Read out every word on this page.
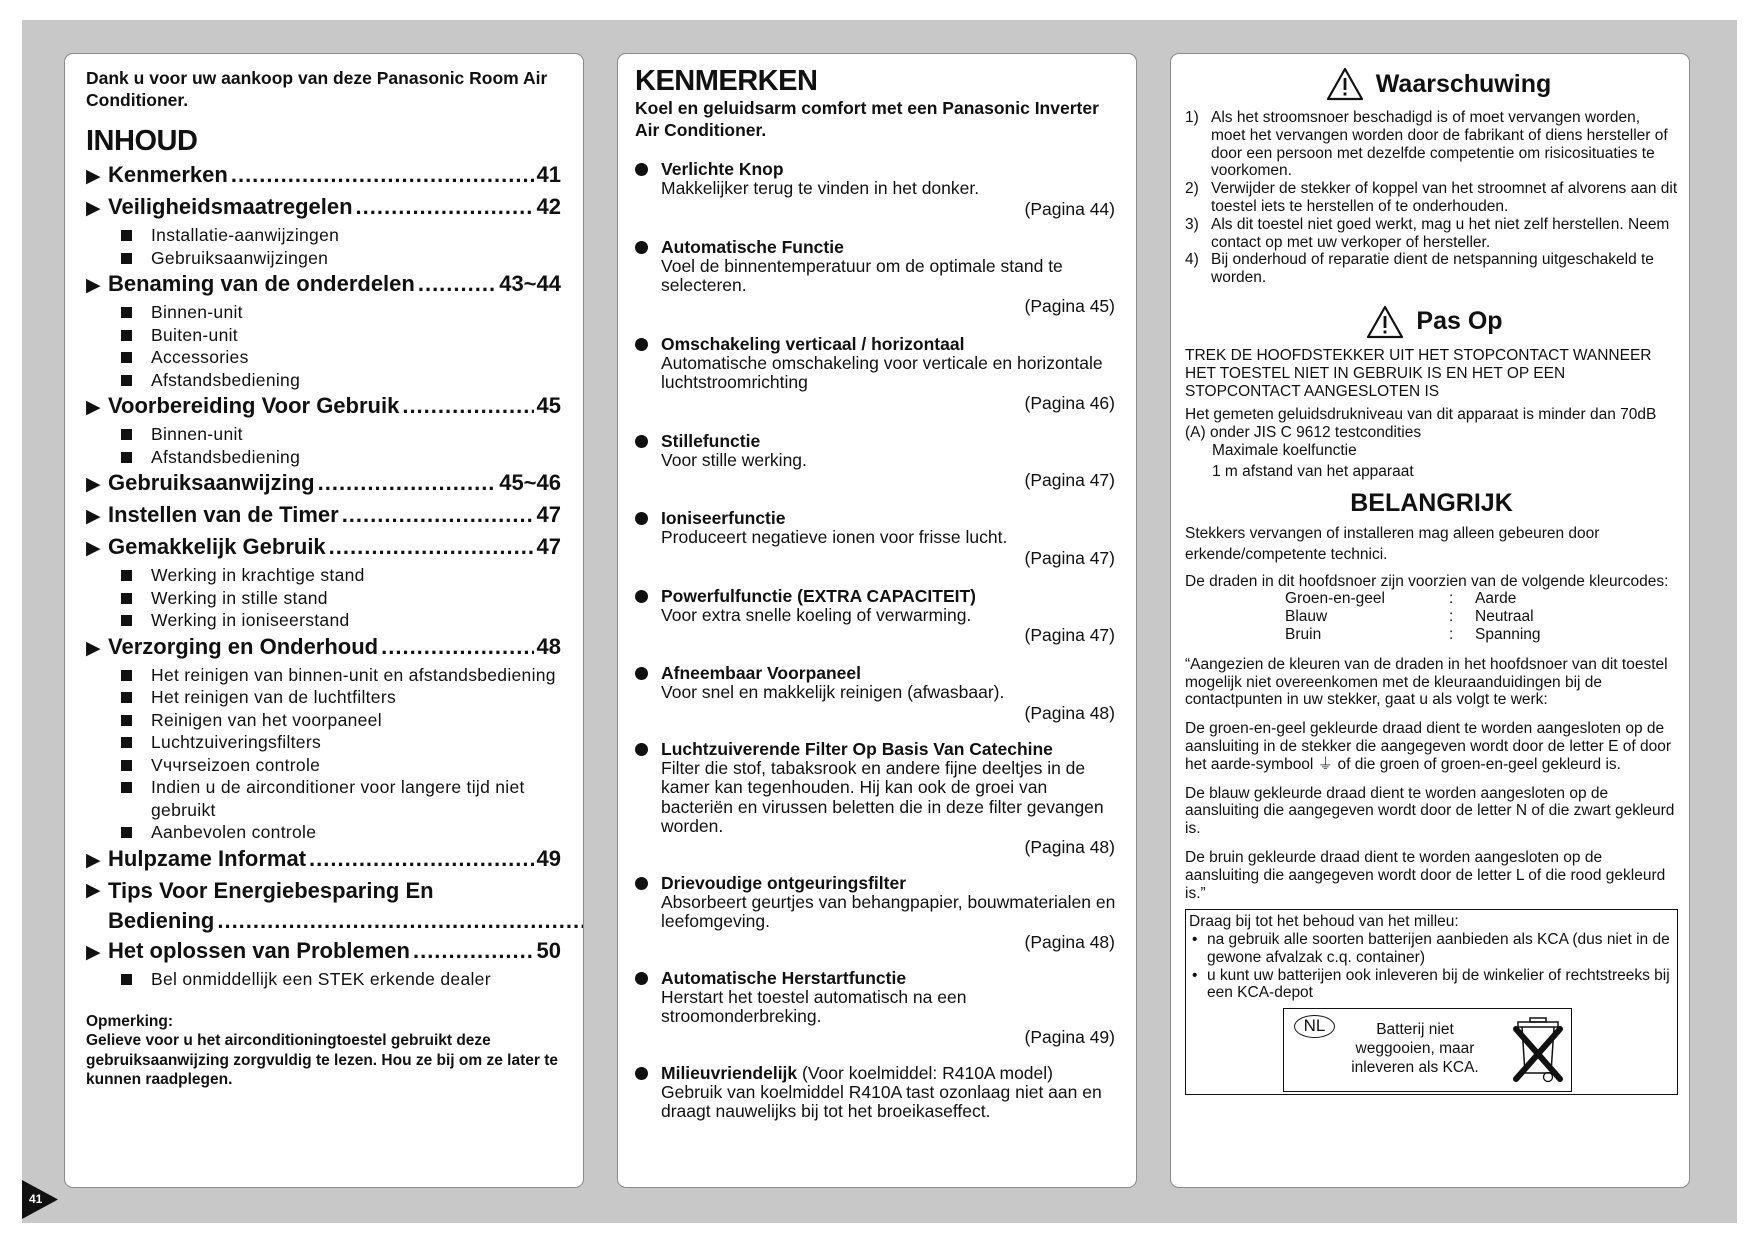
Dank u voor uw aankoop van deze Panasonic Room Air Conditioner.
INHOUD
▶ Kenmerken .....	41
▶ Veiligheidsmaatregelen .....	42
Installatie-aanwijzingen
Gebruiksaanwijzingen
▶ Benaming van de onderdelen .....	43~44
Binnen-unit
Buiten-unit
Accessories
Afstandsbediening
▶ Voorbereiding Voor Gebruik .....	45
Binnen-unit
Afstandsbediening
▶ Gebruiksaanwijzing .....	45~46
▶ Instellen van de Timer .....	47
▶ Gemakkelijk Gebruik .....	47
Werking in krachtige stand
Werking in stille stand
Werking in ioniseerstand
▶ Verzorging en Onderhoud .....	48
Het reinigen van binnen-unit en afstandsbediening
Het reinigen van de luchtfilters
Reinigen van het voorpaneel
Luchtzuiveringsfilters
Vччrseizoen controle
Indien u de airconditioner voor langere tijd niet gebruikt
Aanbevolen controle
▶ Hulpzame Informat .....	49
▶ Tips Voor Energiebesparing En
Bediening
.....
▶ Het oplossen van Problemen .....	50
Bel onmiddellijk een STEK erkende dealer
Opmerking:
Gelieve voor u het airconditioningtoestel gebruikt deze gebruiksaanwijzing zorgvuldig te lezen. Hou ze bij om ze later te kunnen raadplegen.
KENMERKEN
Koel en geluidsarm comfort met een Panasonic Inverter Air Conditioner.
Verlichte Knop
Makkelijker terug te vinden in het donker.
(Pagina 44)
Automatische Functie
Voel de binnentemperatuur om de optimale stand te selecteren.
(Pagina 45)
Omschakeling verticaal / horizontaal
Automatische omschakeling voor verticale en horizontale luchtstroomrichting
(Pagina 46)
Stillefunctie
Voor stille werking.
(Pagina 47)
Ioniseerfunctie
Produceert negatieve ionen voor frisse lucht.
(Pagina 47)
Powerfulfunctie (EXTRA CAPACITEIT)
Voor extra snelle koeling of verwarming.
(Pagina 47)
Afneembaar Voorpaneel
Voor snel en makkelijk reinigen (afwasbaar).
(Pagina 48)
Luchtzuiverende Filter Op Basis Van Catechine
Filter die stof, tabaksrook en andere fijne deeltjes in de kamer kan tegenhouden. Hij kan ook de groei van bacteriën en virussen beletten die in deze filter gevangen worden.
(Pagina 48)
Drievoudige ontgeuringsfilter
Absorbeert geurtjes van behangpapier, bouwmaterialen en leefomgeving.
(Pagina 48)
Automatische Herstartfunctie
Herstart het toestel automatisch na een stroomonderbreking.
(Pagina 49)
Milieuvriendelijk (Voor koelmiddel: R410A model)
Gebruik van koelmiddel R410A tast ozonlaag niet aan en draagt nauwelijks bij tot het broeikaseffect.
Waarschuwing
1) Als het stroomsnoer beschadigd is of moet vervangen worden, moet het vervangen worden door de fabrikant of diens hersteller of door een persoon met dezelfde competentie om risicosituaties te voorkomen.
2) Verwijder de stekker of koppel van het stroomnet af alvorens aan dit toestel iets te herstellen of te onderhouden.
3) Als dit toestel niet goed werkt, mag u het niet zelf herstellen. Neem contact op met uw verkoper of hersteller.
4) Bij onderhoud of reparatie dient de netspanning uitgeschakeld te worden.
Pas Op
TREK DE HOOFDSTEKKER UIT HET STOPCONTACT WANNEER HET TOESTEL NIET IN GEBRUIK IS EN HET OP EEN STOPCONTACT AANGESLOTEN IS
Het gemeten geluidsdrukniveau van dit apparaat is minder dan 70dB (A) onder JIS C 9612 testcondities
Maximale koelfunctie
1 m afstand van het apparaat
BELANGRIJK
Stekkers vervangen of installeren mag alleen gebeuren door erkende/competente technici.
De draden in dit hoofdsnoer zijn voorzien van de volgende kleurcodes:
Groen-en-geel	:	Aarde
Blauw	:	Neutraal
Bruin	:	Spanning
“Aangezien de kleuren van de draden in het hoofdsnoer van dit toestel mogelijk niet overeenkomen met de kleuraanduidingen bij de contactpunten in uw stekker, gaat u als volgt te werk:
De groen-en-geel gekleurde draad dient te worden aangesloten op de aansluiting in de stekker die aangegeven wordt door de letter E of door het aarde-symbool ⏚ of die groen of groen-en-geel gekleurd is.
De blauw gekleurde draad dient te worden aangesloten op de aansluiting die aangegeven wordt door de letter N of die zwart gekleurd is.
De bruin gekleurde draad dient te worden aangesloten op de aansluiting die aangegeven wordt door de letter L of die rood gekleurd is.”
Draag bij tot het behoud van het milleu:
• na gebruik alle soorten batterijen aanbieden als KCA (dus niet in de gewone afvalzak c.q. container)
• u kunt uw batterijen ook inleveren bij de winkelier of rechtstreeks bij een KCA-depot
NL	Batterij niet weggooien, maar inleveren als KCA.
41
